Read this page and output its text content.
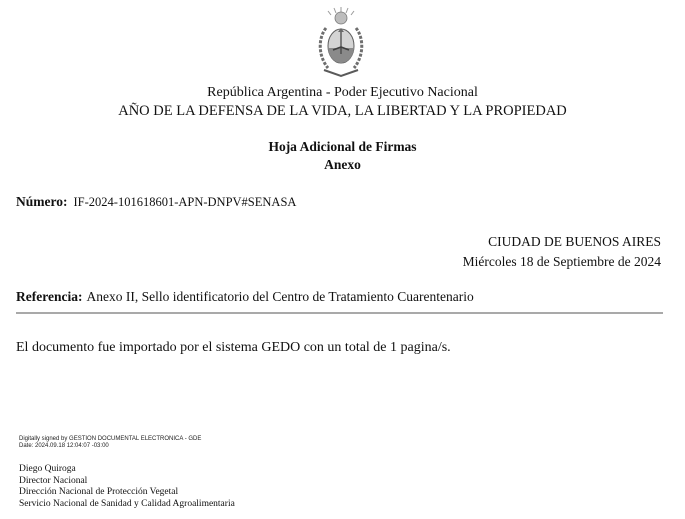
República Argentina - Poder Ejecutivo Nacional
AÑO DE LA DEFENSA DE LA VIDA, LA LIBERTAD Y LA PROPIEDAD
Hoja Adicional de Firmas
Anexo
Número: IF-2024-101618601-APN-DNPV#SENASA
CIUDAD DE BUENOS AIRES
Miércoles 18 de Septiembre de 2024
Referencia: Anexo II, Sello identificatorio del Centro de Tratamiento Cuarentenario
El documento fue importado por el sistema GEDO con un total de 1 pagina/s.
Digitally signed by GESTION DOCUMENTAL ELECTRONICA - GDE
Date: 2024.09.18 12:04:07 -03:00
Diego Quiroga
Director Nacional
Dirección Nacional de Protección Vegetal
Servicio Nacional de Sanidad y Calidad Agroalimentaria
